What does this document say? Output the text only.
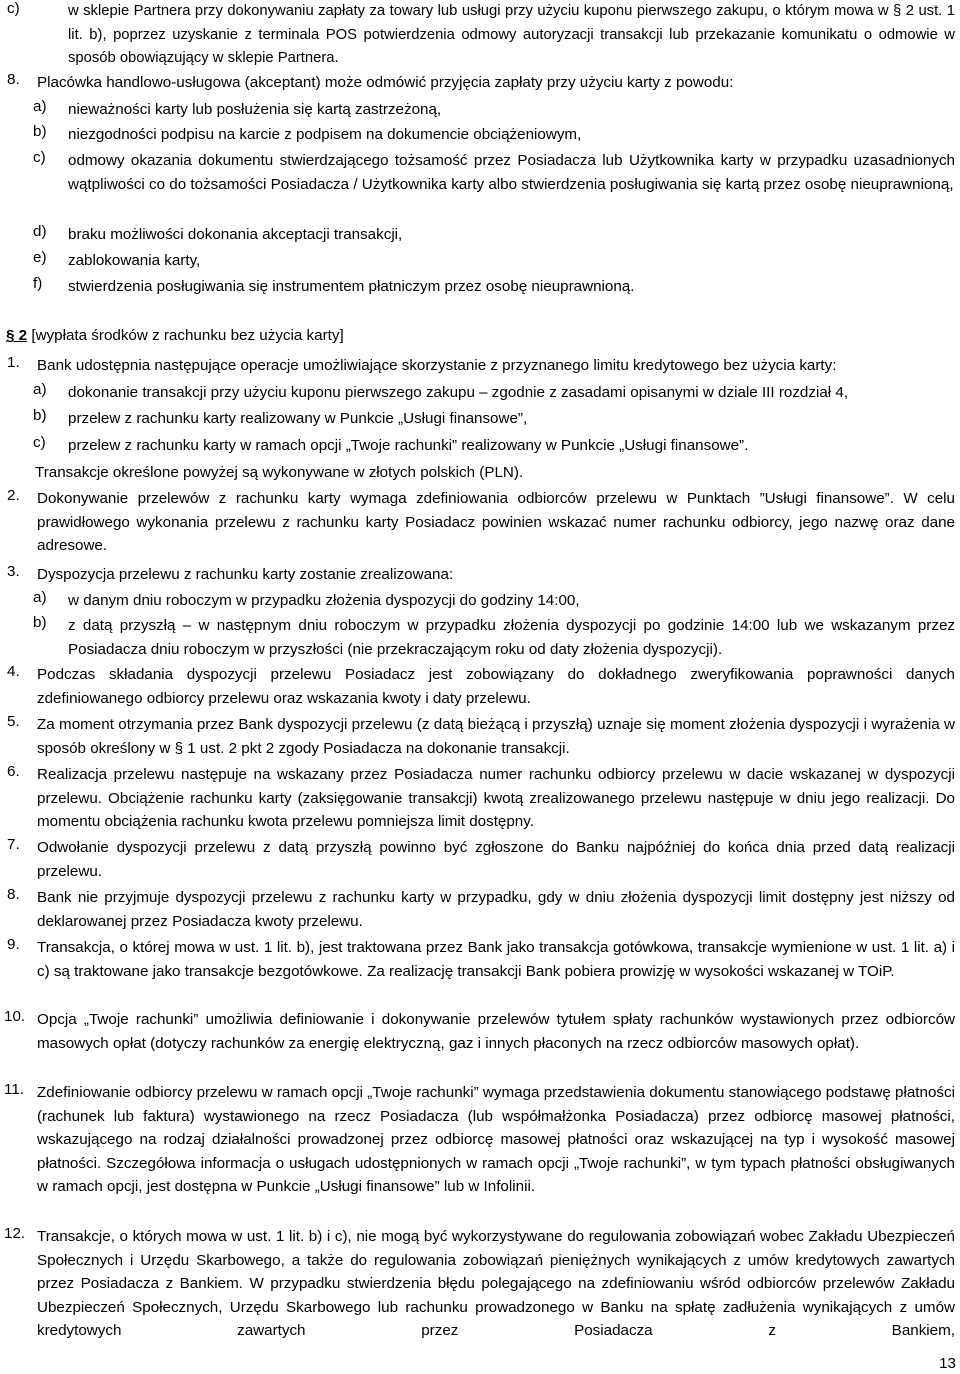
c)	w sklepie Partnera przy dokonywaniu zapłaty za towary lub usługi przy użyciu kuponu pierwszego zakupu, o którym mowa w § 2 ust. 1 lit. b), poprzez uzyskanie z terminala POS potwierdzenia odmowy autoryzacji transakcji lub przekazanie komunikatu o odmowie w sposób obowiązujący w sklepie Partnera.
8. Placówka handlowo-usługowa (akceptant) może odmówić przyjęcia zapłaty przy użyciu karty z powodu:
a) nieważności karty lub posłużenia się kartą zastrzeżoną,
b) niezgodności podpisu na karcie z podpisem na dokumencie obciążeniowym,
c) odmowy okazania dokumentu stwierdzającego tożsamość przez Posiadacza lub Użytkownika karty w przypadku uzasadnionych wątpliwości co do tożsamości Posiadacza / Użytkownika karty albo stwierdzenia posługiwania się kartą przez osobę nieuprawnioną,
d) braku możliwości dokonania akceptacji transakcji,
e) zablokowania karty,
f) stwierdzenia posługiwania się instrumentem płatniczym przez osobę nieuprawnioną.
§ 2 [wypłata środków z rachunku bez użycia karty]
1. Bank udostępnia następujące operacje umożliwiające skorzystanie z przyznanego limitu kredytowego bez użycia karty:
a) dokonanie transakcji przy użyciu kuponu pierwszego zakupu – zgodnie z zasadami opisanymi w dziale III rozdział 4,
b) przelew z rachunku karty realizowany w Punkcie „Usługi finansowe”,
c) przelew z rachunku karty w ramach opcji „Twoje rachunki” realizowany w Punkcie „Usługi finansowe”.
Transakcje określone powyżej są wykonywane w złotych polskich (PLN).
2. Dokonywanie przelewów z rachunku karty wymaga zdefiniowania odbiorców przelewu w Punktach ”Usługi finansowe”. W celu prawidłowego wykonania przelewu z rachunku karty Posiadacz powinien wskazać numer rachunku odbiorcy, jego nazwę oraz dane adresowe.
3. Dyspozycja przelewu z rachunku karty zostanie zrealizowana:
a) w danym dniu roboczym w przypadku złożenia dyspozycji do godziny 14:00,
b) z datą przyszłą – w następnym dniu roboczym w przypadku złożenia dyspozycji po godzinie 14:00 lub we wskazanym przez Posiadacza dniu roboczym w przyszłości (nie przekraczającym roku od daty złożenia dyspozycji).
4. Podczas składania dyspozycji przelewu Posiadacz jest zobowiązany do dokładnego zweryfikowania poprawności danych zdefiniowanego odbiorcy przelewu oraz wskazania kwoty i daty przelewu.
5. Za moment otrzymania przez Bank dyspozycji przelewu (z datą bieżącą i przyszłą) uznaje się moment złożenia dyspozycji i wyrażenia w sposób określony w § 1 ust. 2 pkt 2 zgody Posiadacza na dokonanie transakcji.
6. Realizacja przelewu następuje na wskazany przez Posiadacza numer rachunku odbiorcy przelewu w dacie wskazanej w dyspozycji przelewu. Obciążenie rachunku karty (zaksięgowanie transakcji) kwotą zrealizowanego przelewu następuje w dniu jego realizacji. Do momentu obciążenia rachunku kwota przelewu pomniejsza limit dostępny.
7. Odwołanie dyspozycji przelewu z datą przyszłą powinno być zgłoszone do Banku najpóźniej do końca dnia przed datą realizacji przelewu.
8. Bank nie przyjmuje dyspozycji przelewu z rachunku karty w przypadku, gdy w dniu złożenia dyspozycji limit dostępny jest niższy od deklarowanej przez Posiadacza kwoty przelewu.
9. Transakcja, o której mowa w ust. 1 lit. b), jest traktowana przez Bank jako transakcja gotówkowa, transakcje wymienione w ust. 1 lit. a) i c) są traktowane jako transakcje bezgotówkowe. Za realizację transakcji Bank pobiera prowizję w wysokości wskazanej w TOiP.
10. Opcja „Twoje rachunki” umożliwia definiowanie i dokonywanie przelewów tytułem spłaty rachunków wystawionych przez odbiorców masowych opłat (dotyczy rachunków za energię elektryczną, gaz i innych płaconych na rzecz odbiorców masowych opłat).
11. Zdefiniowanie odbiorcy przelewu w ramach opcji „Twoje rachunki” wymaga przedstawienia dokumentu stanowiącego podstawę płatności (rachunek lub faktura) wystawionego na rzecz Posiadacza (lub współmałżonka Posiadacza) przez odbiorcę masowej płatności, wskazującego na rodzaj działalności prowadzonej przez odbiorcę masowej płatności oraz wskazującej na typ i wysokość masowej płatności. Szczegółowa informacja o usługach udostępnionych w ramach opcji „Twoje rachunki”, w tym typach płatności obsługiwanych w ramach opcji, jest dostępna w Punkcie „Usługi finansowe” lub w Infolinii.
12. Transakcje, o których mowa w ust. 1 lit. b) i c), nie mogą być wykorzystywane do regulowania zobowiązań wobec Zakładu Ubezpieczeń Społecznych i Urzędu Skarbowego, a także do regulowania zobowiązań pieniężnych wynikających z umów kredytowych zawartych przez Posiadacza z Bankiem. W przypadku stwierdzenia błędu polegającego na zdefiniowaniu wśród odbiorców przelewów Zakładu Ubezpieczeń Społecznych, Urzędu Skarbowego lub rachunku prowadzonego w Banku na spłatę zadłużenia wynikających z umów kredytowych zawartych przez Posiadacza z Bankiem,
13
